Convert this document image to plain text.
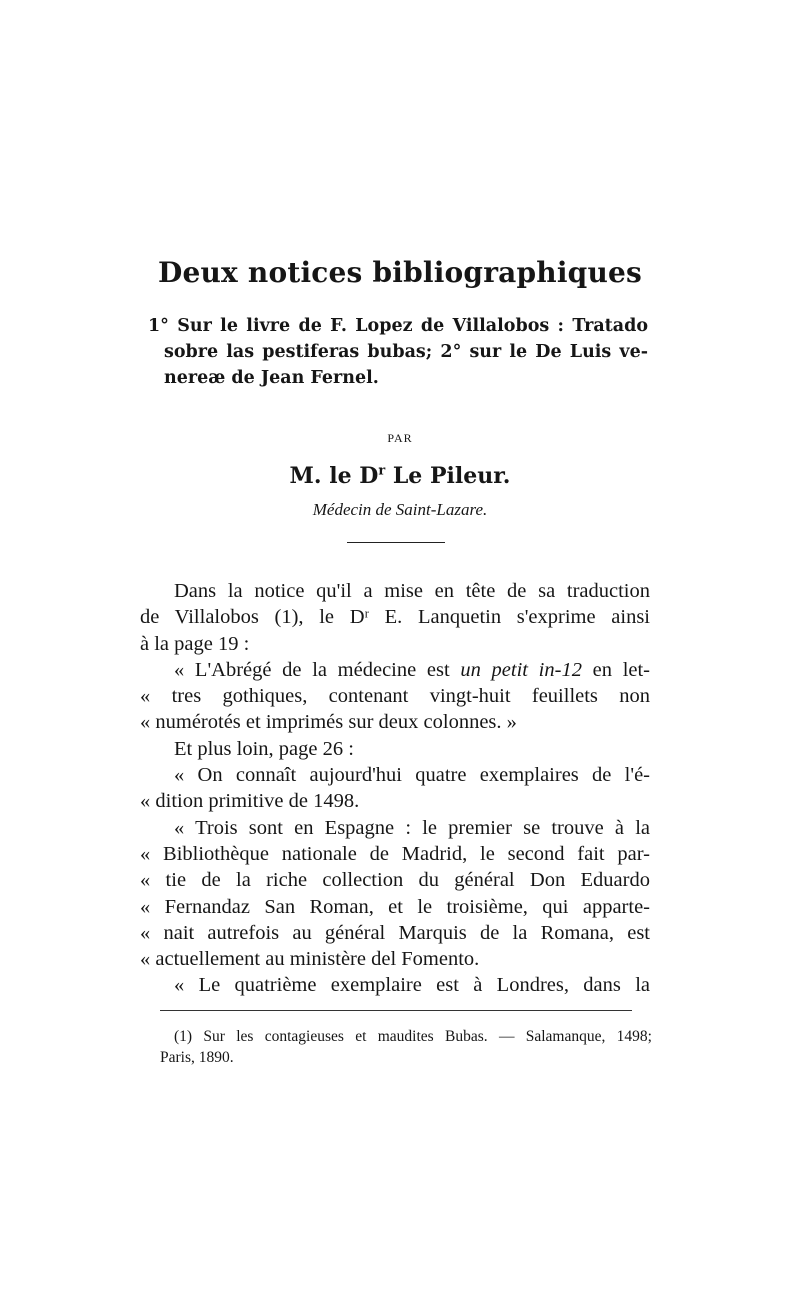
Deux notices bibliographiques
1° Sur le livre de F. Lopez de Villalobos : Tratado
sobre las pestiferas bubas; 2° sur le De Luis ve-
nereæ de Jean Fernel.
PAR
M. le $D^r$ Le Pileur.
Médecin de Saint-Lazare.
Dans la notice qu'il a mise en tête de sa traduction
de Villalobos (1), le Dʳ E. Lanquetin s'exprime ainsi
à la page 19 :
« L'Abrégé de la médecine est un petit in-12 en let-
« tres gothiques, contenant vingt-huit feuillets non
« numérotés et imprimés sur deux colonnes. »
Et plus loin, page 26 :
« On connaît aujourd'hui quatre exemplaires de l'é-
« dition primitive de 1498.
« Trois sont en Espagne : le premier se trouve à la
« Bibliothèque nationale de Madrid, le second fait par-
« tie de la riche collection du général Don Eduardo
« Fernandaz San Roman, et le troisième, qui apparte-
« nait autrefois au général Marquis de la Romana, est
« actuellement au ministère del Fomento.
« Le quatrième exemplaire est à Londres, dans la
(1) Sur les contagieuses et maudites Bubas. — Salamanque, 1498;
Paris, 1890.
